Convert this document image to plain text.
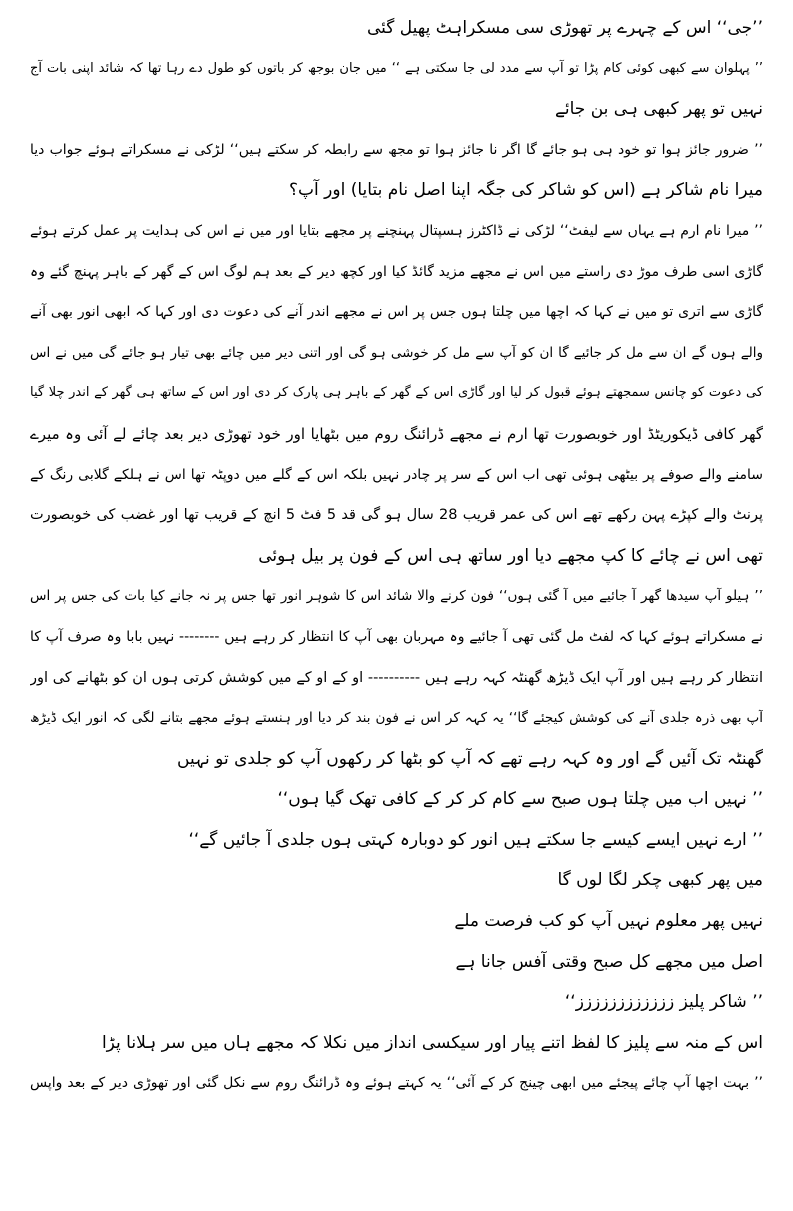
’’جی‘‘ اس کے چہرے پر تھوڑی سی مسکراہٹ پھیل گئی
’’ پہلوان سے کبھی کوئی کام پڑا تو آپ سے مدد لی جا سکتی ہے ‘‘ میں جان بوجھ کر باتوں کو طول دے رہا تھا کہ شائد اپنی بات آج
نہیں تو پھر کبھی ہی بن جائے
’’ ضرور جائز ہوا تو خود ہی ہو جائے گا اگر نا جائز ہوا تو مجھ سے رابطہ کر سکتے ہیں‘‘ لڑکی نے مسکراتے ہوئے جواب دیا
میرا نام شاکر ہے (اس کو شاکر کی جگہ اپنا اصل نام بتایا) اور آپ؟
’’ میرا نام ارم ہے یہاں سے لیفٹ‘‘ لڑکی نے ڈاکٹرز ہسپتال پہنچنے پر مجھے بتایا اور میں نے اس کی ہدایت پر عمل کرتے ہوئے
گاڑی اسی طرف موڑ دی راستے میں اس نے مجھے مزید گائڈ کیا اور کچھ دیر کے بعد ہم لوگ اس کے گھر کے باہر پہنچ گئے وہ
گاڑی سے اتری تو میں نے کہا کہ اچھا میں چلتا ہوں جس پر اس نے مجھے اندر آنے کی دعوت دی اور کہا کہ ابھی انور بھی آنے
والے ہوں گے ان سے مل کر جائیے گا ان کو آپ سے مل کر خوشی ہو گی اور اتنی دیر میں چائے بھی تیار ہو جائے گی میں نے اس
کی دعوت کو چانس سمجھتے ہوئے قبول کر لیا اور گاڑی اس کے گھر کے باہر ہی پارک کر دی اور اس کے ساتھ ہی گھر کے اندر چلا گیا
گھر کافی ڈیکوریٹڈ اور خوبصورت تھا ارم نے مجھے ڈرائنگ روم میں بٹھایا اور خود تھوڑی دیر بعد چائے لے آئی وہ میرے
سامنے والے صوفے پر بیٹھی ہوئی تھی اب اس کے سر پر چادر نہیں بلکہ اس کے گلے میں دوپٹہ تھا اس نے ہلکے گلابی رنگ کے
پرنٹ والے کپڑے پہن رکھے تھے اس کی عمر قریب 28 سال ہو گی قد 5 فٹ 5 انچ کے قریب تھا اور غضب کی خوبصورت
تھی اس نے چائے کا کپ مجھے دیا اور ساتھ ہی اس کے فون پر بیل ہوئی
’’ ہیلو آپ سیدھا گھر آ جائیے میں آ گئی ہوں‘‘ فون کرنے والا شائد اس کا شوہر انور تھا جس پر نہ جانے کیا بات کی جس پر اس
نے مسکراتے ہوئے کہا کہ لفٹ مل گئی تھی آ جائیے وہ مہربان بھی آپ کا انتظار کر رہے ہیں -------- نہیں بابا وہ صرف آپ کا
انتظار کر رہے ہیں اور آپ ایک ڈیڑھ گھنٹہ کہہ رہے ہیں ---------- او کے او کے میں کوشش کرتی ہوں ان کو بٹھانے کی اور
آپ بھی ذرہ جلدی آنے کی کوشش کیجئے گا‘‘ یہ کہہ کر اس نے فون بند کر دیا اور ہنستے ہوئے مجھے بتانے لگی کہ انور ایک ڈیڑھ
گھنٹہ تک آئیں گے اور وہ کہہ رہے تھے کہ آپ کو بٹھا کر رکھوں آپ کو جلدی تو نہیں
’’ نہیں اب میں چلتا ہوں صبح سے کام کر کر کے کافی تھک گیا ہوں‘‘
’’ ارے نہیں ایسے کیسے جا سکتے ہیں انور کو دوبارہ کہتی ہوں جلدی آ جائیں گے‘‘
میں پھر کبھی چکر لگا لوں گا
نہیں پھر معلوم نہیں آپ کو کب فرصت ملے
اصل میں مجھے کل صبح وقتی آفس جانا ہے
’’ شاکر پلیز زززززززززززز‘‘
اس کے منہ سے پلیز کا لفظ اتنے پیار اور سیکسی انداز میں نکلا کہ مجھے ہاں میں سر ہلانا پڑا
’’ بہت اچھا آپ چائے پیجئے میں ابھی چینج کر کے آئی‘‘ یہ کہتے ہوئے وہ ڈرائنگ روم سے نکل گئی اور تھوڑی دیر کے بعد واپس
